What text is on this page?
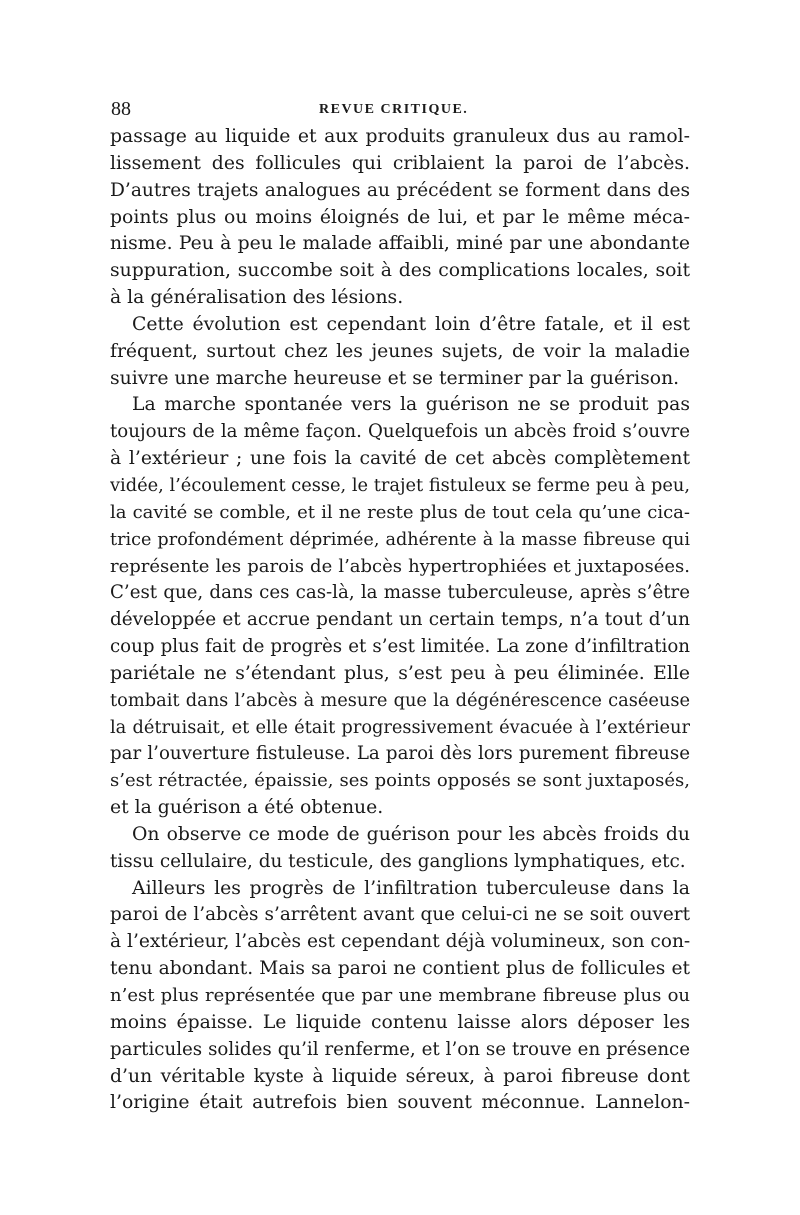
88	REVUE CRITIQUE.
passage au liquide et aux produits granuleux dus au ramol-
lissement des follicules qui criblaient la paroi de l’abcès.
D’autres trajets analogues au précédent se forment dans des
points plus ou moins éloignés de lui, et par le même méca-
nisme. Peu à peu le malade affaibli, miné par une abondante
suppuration, succombe soit à des complications locales, soit
à la généralisation des lésions.
Cette évolution est cependant loin d’être fatale, et il est
fréquent, surtout chez les jeunes sujets, de voir la maladie
suivre une marche heureuse et se terminer par la guérison.
La marche spontanée vers la guérison ne se produit pas
toujours de la même façon. Quelquefois un abcès froid s’ouvre
à l’extérieur ; une fois la cavité de cet abcès complètement
vidée, l’écoulement cesse, le trajet fistuleux se ferme peu à peu,
la cavité se comble, et il ne reste plus de tout cela qu’une cica-
trice profondément déprimée, adhérente à la masse fibreuse qui
représente les parois de l’abcès hypertrophiées et juxtaposées.
C’est que, dans ces cas-là, la masse tuberculeuse, après s’être
développée et accrue pendant un certain temps, n’a tout d’un
coup plus fait de progrès et s’est limitée. La zone d’infiltration
pariétale ne s’étendant plus, s’est peu à peu éliminée. Elle
tombait dans l’abcès à mesure que la dégénérescence caséeuse
la détruisait, et elle était progressivement évacuée à l’extérieur
par l’ouverture fistuleuse. La paroi dès lors purement fibreuse
s’est rétractée, épaissie, ses points opposés se sont juxtaposés,
et la guérison a été obtenue.
On observe ce mode de guérison pour les abcès froids du
tissu cellulaire, du testicule, des ganglions lymphatiques, etc.
Ailleurs les progrès de l’infiltration tuberculeuse dans la
paroi de l’abcès s’arrêtent avant que celui-ci ne se soit ouvert
à l’extérieur, l’abcès est cependant déjà volumineux, son con-
tenu abondant. Mais sa paroi ne contient plus de follicules et
n’est plus représentée que par une membrane fibreuse plus ou
moins épaisse. Le liquide contenu laisse alors déposer les
particules solides qu’il renferme, et l’on se trouve en présence
d’un véritable kyste à liquide séreux, à paroi fibreuse dont
l’origine était autrefois bien souvent méconnue. Lannelon-
